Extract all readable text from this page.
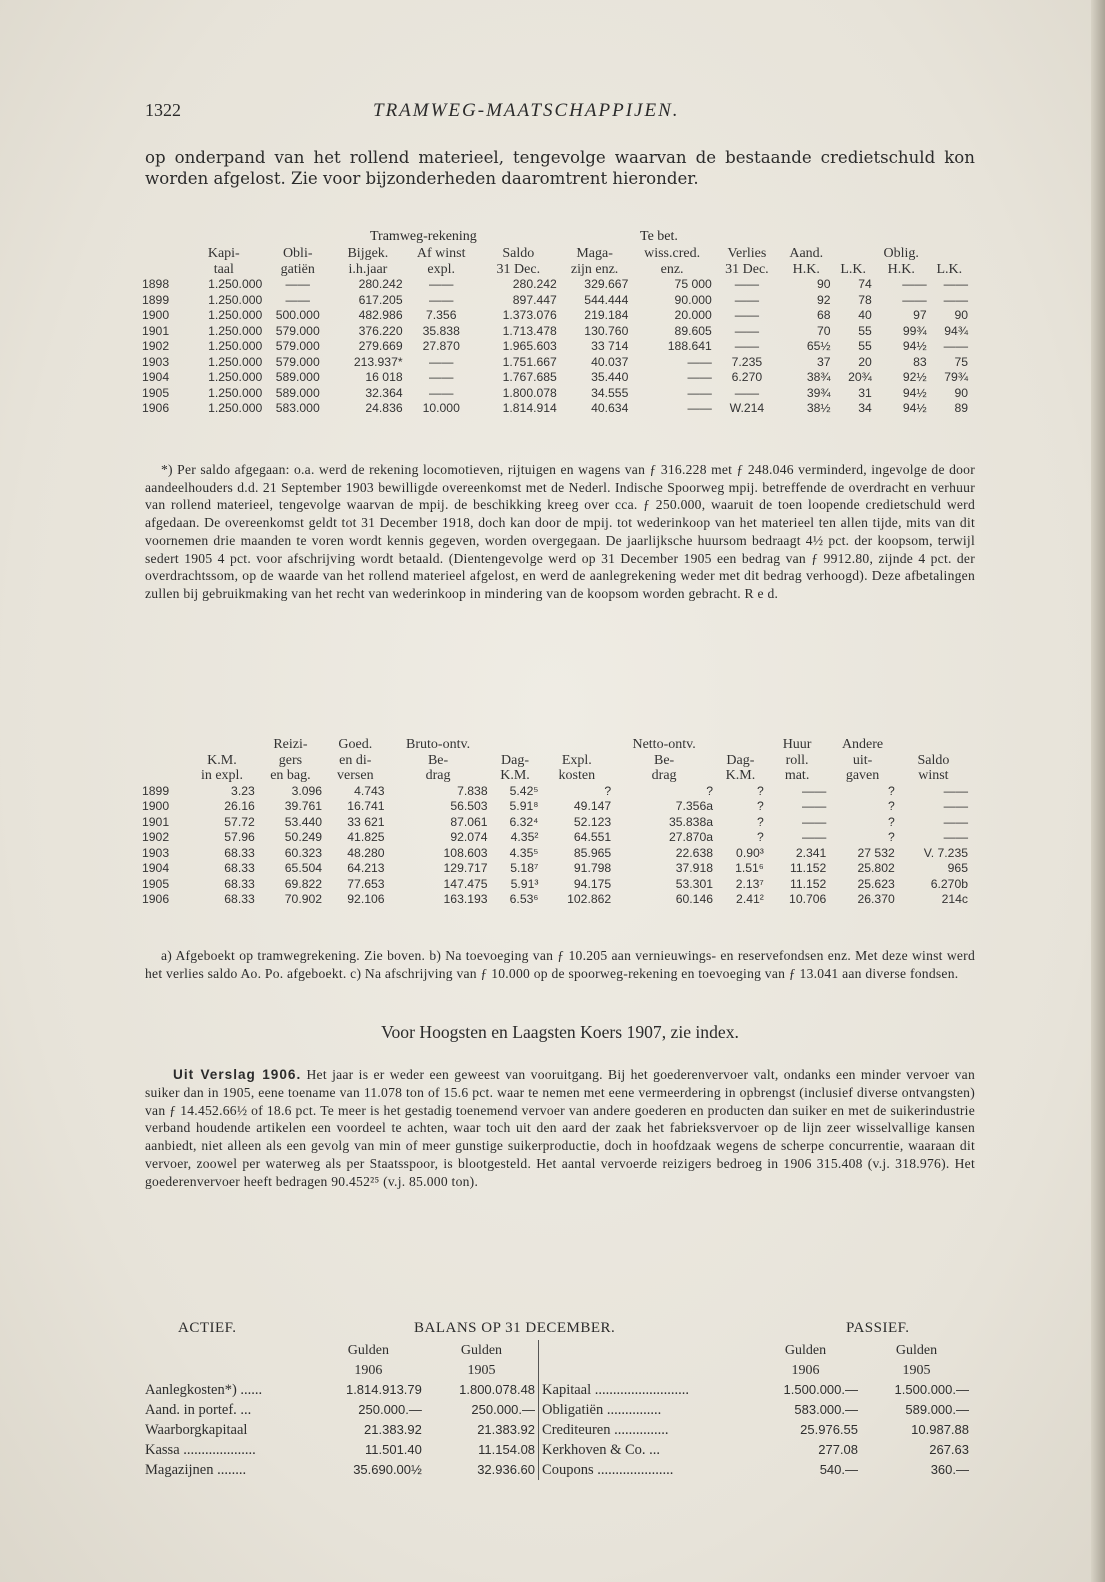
1322	TRAMWEG-MAATSCHAPPIJEN.

op onderpand van het rollend materieel, tengevolge waarvan de bestaande credietschuld kon worden afgelost. Zie voor bijzonderheden daaromtrent hieronder.

Tramweg-rekening	Te bet.
	Kapi-	Obli-	Bijgek.	Af winst	Saldo	Maga-	wiss.cred.	Verlies	Aand.		Oblig.	
	taal	gatiën	i.h.jaar	expl.	31 Dec.	zijn enz.	enz.	31 Dec.	H.K.	L.K.	H.K.	L.K.
1898	1.250.000	——	280.242	——	280.242	329.667	75 000	——	90	74	——	——
1899	1.250.000	——	617.205	——	897.447	544.444	90.000	——	92	78	——	——
1900	1.250.000	500.000	482.986	7.356	1.373.076	219.184	20.000	——	68	40	97	90
1901	1.250.000	579.000	376.220	35.838	1.713.478	130.760	89.605	——	70	55	99¾	94¾
1902	1.250.000	579.000	279.669	27.870	1.965.603	33 714	188.641	——	65½	55	94½	——
1903	1.250.000	579.000	213.937*	——	1.751.667	40.037	——	7.235	37	20	83	75
1904	1.250.000	589.000	16 018	——	1.767.685	35.440	——	6.270	38¾	20¾	92½	79¾
1905	1.250.000	589.000	32.364	——	1.800.078	34.555	——	——	39¾	31	94½	90
1906	1.250.000	583.000	24.836	10.000	1.814.914	40.634	——	W.214	38½	34	94½	89

*) Per saldo afgegaan: o.a. werd de rekening locomotieven, rijtuigen en wagens van ƒ 316.228 met ƒ 248.046 verminderd, ingevolge de door aandeelhouders d.d. 21 September 1903 bewilligde overeenkomst met de Nederl. Indische Spoorweg mpij. betreffende de overdracht en verhuur van rollend materieel, tengevolge waarvan de mpij. de beschikking kreeg over cca. ƒ 250.000, waaruit de toen loopende credietschuld werd afgedaan. De overeenkomst geldt tot 31 December 1918, doch kan door de mpij. tot wederinkoop van het materieel ten allen tijde, mits van dit voornemen drie maanden te voren wordt kennis gegeven, worden overgegaan. De jaarlijksche huursom bedraagt 4½ pct. der koopsom, terwijl sedert 1905 4 pct. voor afschrijving wordt betaald. (Dientengevolge werd op 31 December 1905 een bedrag van ƒ 9912.80, zijnde 4 pct. der overdrachtssom, op de waarde van het rollend materieel afgelost, en werd de aanlegrekening weder met dit bedrag verhoogd). Deze afbetalingen zullen bij gebruikmaking van het recht van wederinkoop in mindering van de koopsom worden gebracht. R e d.

		Reizi-	Goed.	Bruto-ontv.			Netto-ontv.		Huur	Andere	
	K.M.	gers	en di-	Be-	Dag-	Expl.	Be-	Dag-	roll.	uit-	Saldo
	in expl.	en bag.	versen	drag	K.M.	kosten	drag	K.M.	mat.	gaven	winst
1899	3.23	3.096	4.743	7.838	5.42⁵	?	?	?	——	?	——
1900	26.16	39.761	16.741	56.503	5.91⁸	49.147	7.356a	?	——	?	——
1901	57.72	53.440	33 621	87.061	6.32⁴	52.123	35.838a	?	——	?	——
1902	57.96	50.249	41.825	92.074	4.35²	64.551	27.870a	?	——	?	——
1903	68.33	60.323	48.280	108.603	4.35⁵	85.965	22.638	0.90³	2.341	27 532	V. 7.235
1904	68.33	65.504	64.213	129.717	5.18⁷	91.798	37.918	1.51⁶	11.152	25.802	965
1905	68.33	69.822	77.653	147.475	5.91³	94.175	53.301	2.13⁷	11.152	25.623	6.270b
1906	68.33	70.902	92.106	163.193	6.53⁶	102.862	60.146	2.41²	10.706	26.370	214c

a) Afgeboekt op tramwegrekening. Zie boven. b) Na toevoeging van ƒ 10.205 aan vernieuwings- en reservefondsen enz. Met deze winst werd het verlies saldo Ao. Po. afgeboekt. c) Na afschrijving van ƒ 10.000 op de spoorweg-rekening en toevoeging van ƒ 13.041 aan diverse fondsen.

Voor Hoogsten en Laagsten Koers 1907, zie index.

Uit Verslag 1906. Het jaar is er weder een geweest van vooruitgang. Bij het goederenvervoer valt, ondanks een minder vervoer van suiker dan in 1905, eene toename van 11.078 ton of 15.6 pct. waar te nemen met eene vermeerdering in opbrengst (inclusief diverse ontvangsten) van ƒ 14.452.66½ of 18.6 pct. Te meer is het gestadig toenemend vervoer van andere goederen en producten dan suiker en met de suikerindustrie verband houdende artikelen een voordeel te achten, waar toch uit den aard der zaak het fabrieksvervoer op de lijn zeer wisselvallige kansen aanbiedt, niet alleen als een gevolg van min of meer gunstige suikerproductie, doch in hoofdzaak wegens de scherpe concurrentie, waaraan dit vervoer, zoowel per waterweg als per Staatsspoor, is blootgesteld. Het aantal vervoerde reizigers bedroeg in 1906 315.408 (v.j. 318.976). Het goederenvervoer heeft bedragen 90.452²⁵ (v.j. 85.000 ton).

ACTIEF.	BALANS OP 31 DECEMBER.	PASSIEF.
	Gulden	Gulden			Gulden	Gulden
	1906	1905			1906	1905
Aanlegkosten*) ......	1.814.913.79	1.800.078.48		Kapitaal ..........................	1.500.000.—	1.500.000.—
Aand. in portef. ...	250.000.—	250.000.—		Obligatiën ...............	583.000.—	589.000.—
Waarborgkapitaal	21.383.92	21.383.92		Crediteuren ...............	25.976.55	10.987.88
Kassa ....................	11.501.40	11.154.08		Kerkhoven & Co. ...	277.08	267.63
Magazijnen ........	35.690.00½	32.936.60		Coupons .....................	540.—	360.—
